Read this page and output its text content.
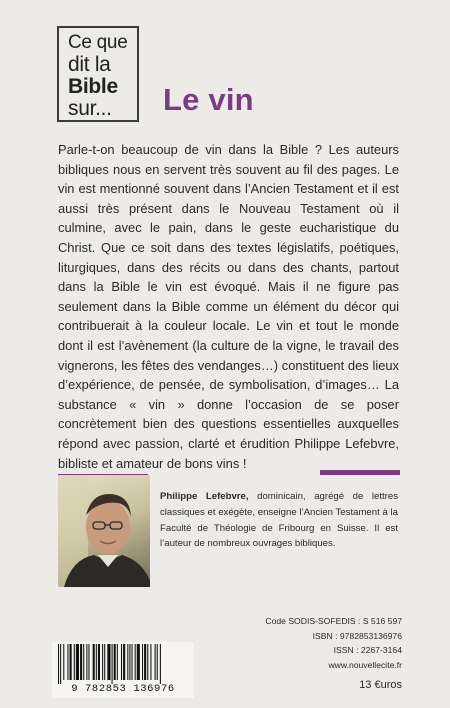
Ce que
dit la
Bible
sur...	Le vin

Parle-t-on beaucoup de vin dans la Bible ? Les auteurs bibliques nous en servent très souvent au fil des pages. Le vin est mentionné souvent dans l’Ancien Testament et il est aussi très présent dans le Nouveau Testament où il culmine, avec le pain, dans le geste eucharistique du Christ. Que ce soit dans des textes législatifs, poétiques, liturgiques, dans des récits ou dans des chants, partout dans la Bible le vin est évoqué. Mais il ne figure pas seulement dans la Bible comme un élément du décor qui contribuerait à la couleur locale. Le vin et tout le monde dont il est l’avènement (la culture de la vigne, le travail des vignerons, les fêtes des vendanges…) constituent des lieux d’expérience, de pensée, de symbolisation, d’images… La substance « vin » donne l’occasion de se poser concrètement bien des questions essentielles auxquelles répond avec passion, clarté et érudition Philippe Lefebvre, bibliste et amateur de bons vins !

Philippe Lefebvre, dominicain, agrégé de lettres classiques et exégète, enseigne l’Ancien Testament à la Faculté de Théologie de Fribourg en Suisse. Il est l’auteur de nombreux ouvrages bibliques.
Code SODIS-SOFEDIS : S 516 597
ISBN : 9782853136976
ISSN : 2267-3164
www.nouvellecite.fr
13 €uros
9 782853 136976
